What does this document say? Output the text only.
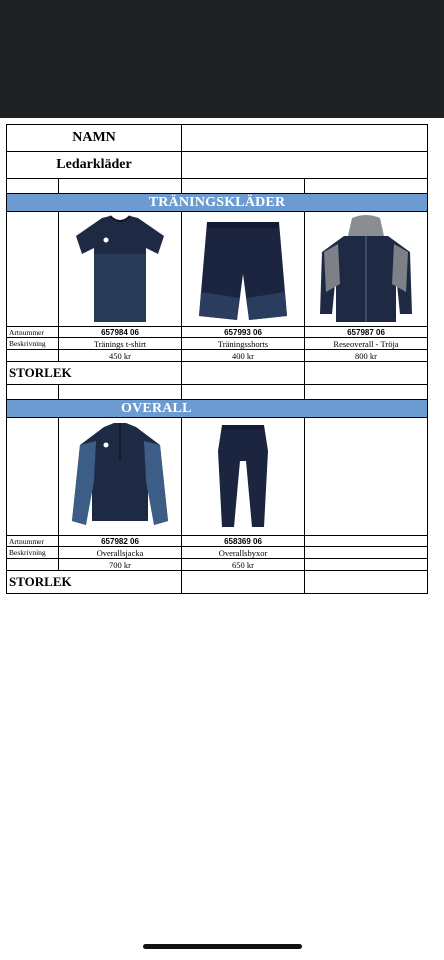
NAMN			
Ledarkläder			

TRÄNINGSKLÄDER			

Artnummer	657984 06	657993 06	657987 06
Beskrivning	Tränings t-shirt	Träningsshorts	Reseoverall - Tröja
	450 kr	400 kr	800 kr
STORLEK			

OVERALL			

Artnummer	657982 06	658369 06	
Beskrivning	Overallsjacka	Overallsbyxor	
	700 kr	650 kr	
STORLEK			
